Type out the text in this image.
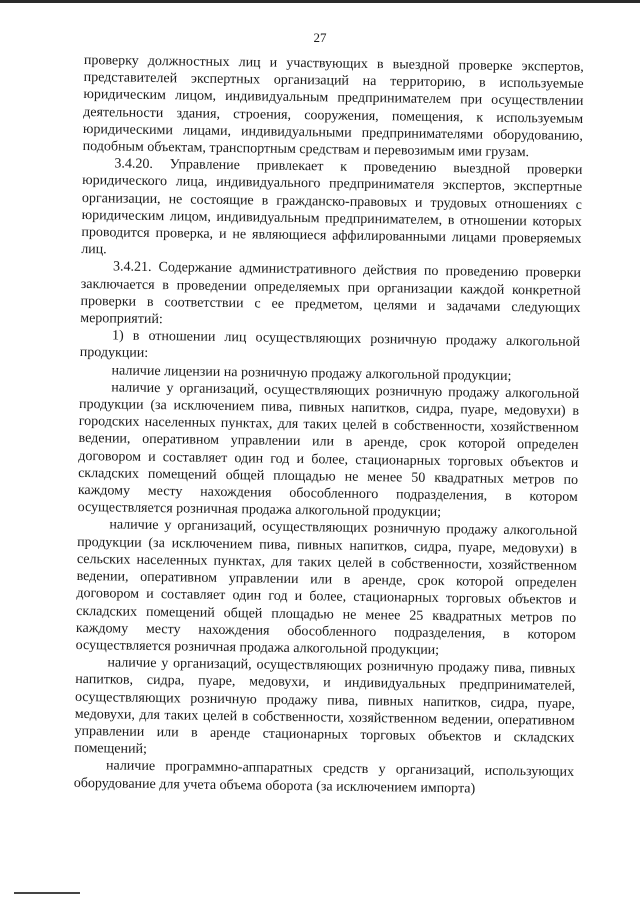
27

проверку должностных лиц и участвующих в выездной проверке экспертов, представителей экспертных организаций на территорию, в используемые юридическим лицом, индивидуальным предпринимателем при осуществлении деятельности здания, строения, сооружения, помещения, к используемым юридическими лицами, индивидуальными предпринимателями оборудованию, подобным объектам, транспортным средствам и перевозимым ими грузам.

3.4.20. Управление привлекает к проведению выездной проверки юридического лица, индивидуального предпринимателя экспертов, экспертные организации, не состоящие в гражданско-правовых и трудовых отношениях с юридическим лицом, индивидуальным предпринимателем, в отношении которых проводится проверка, и не являющиеся аффилированными лицами проверяемых лиц.

3.4.21. Содержание административного действия по проведению проверки заключается в проведении определяемых при организации каждой конкретной проверки в соответствии с ее предметом, целями и задачами следующих мероприятий:

1) в отношении лиц осуществляющих розничную продажу алкогольной продукции:

наличие лицензии на розничную продажу алкогольной продукции;

наличие у организаций, осуществляющих розничную продажу алкогольной продукции (за исключением пива, пивных напитков, сидра, пуаре, медовухи) в городских населенных пунктах, для таких целей в собственности, хозяйственном ведении, оперативном управлении или в аренде, срок которой определен договором и составляет один год и более, стационарных торговых объектов и складских помещений общей площадью не менее 50 квадратных метров по каждому месту нахождения обособленного подразделения, в котором осуществляется розничная продажа алкогольной продукции;

наличие у организаций, осуществляющих розничную продажу алкогольной продукции (за исключением пива, пивных напитков, сидра, пуаре, медовухи) в сельских населенных пунктах, для таких целей в собственности, хозяйственном ведении, оперативном управлении или в аренде, срок которой определен договором и составляет один год и более, стационарных торговых объектов и складских помещений общей площадью не менее 25 квадратных метров по каждому месту нахождения обособленного подразделения, в котором осуществляется розничная продажа алкогольной продукции;

наличие у организаций, осуществляющих розничную продажу пива, пивных напитков, сидра, пуаре, медовухи, и индивидуальных предпринимателей, осуществляющих розничную продажу пива, пивных напитков, сидра, пуаре, медовухи, для таких целей в собственности, хозяйственном ведении, оперативном управлении или в аренде стационарных торговых объектов и складских помещений;

наличие программно-аппаратных средств у организаций, использующих оборудование для учета объема оборота (за исключением импорта)
